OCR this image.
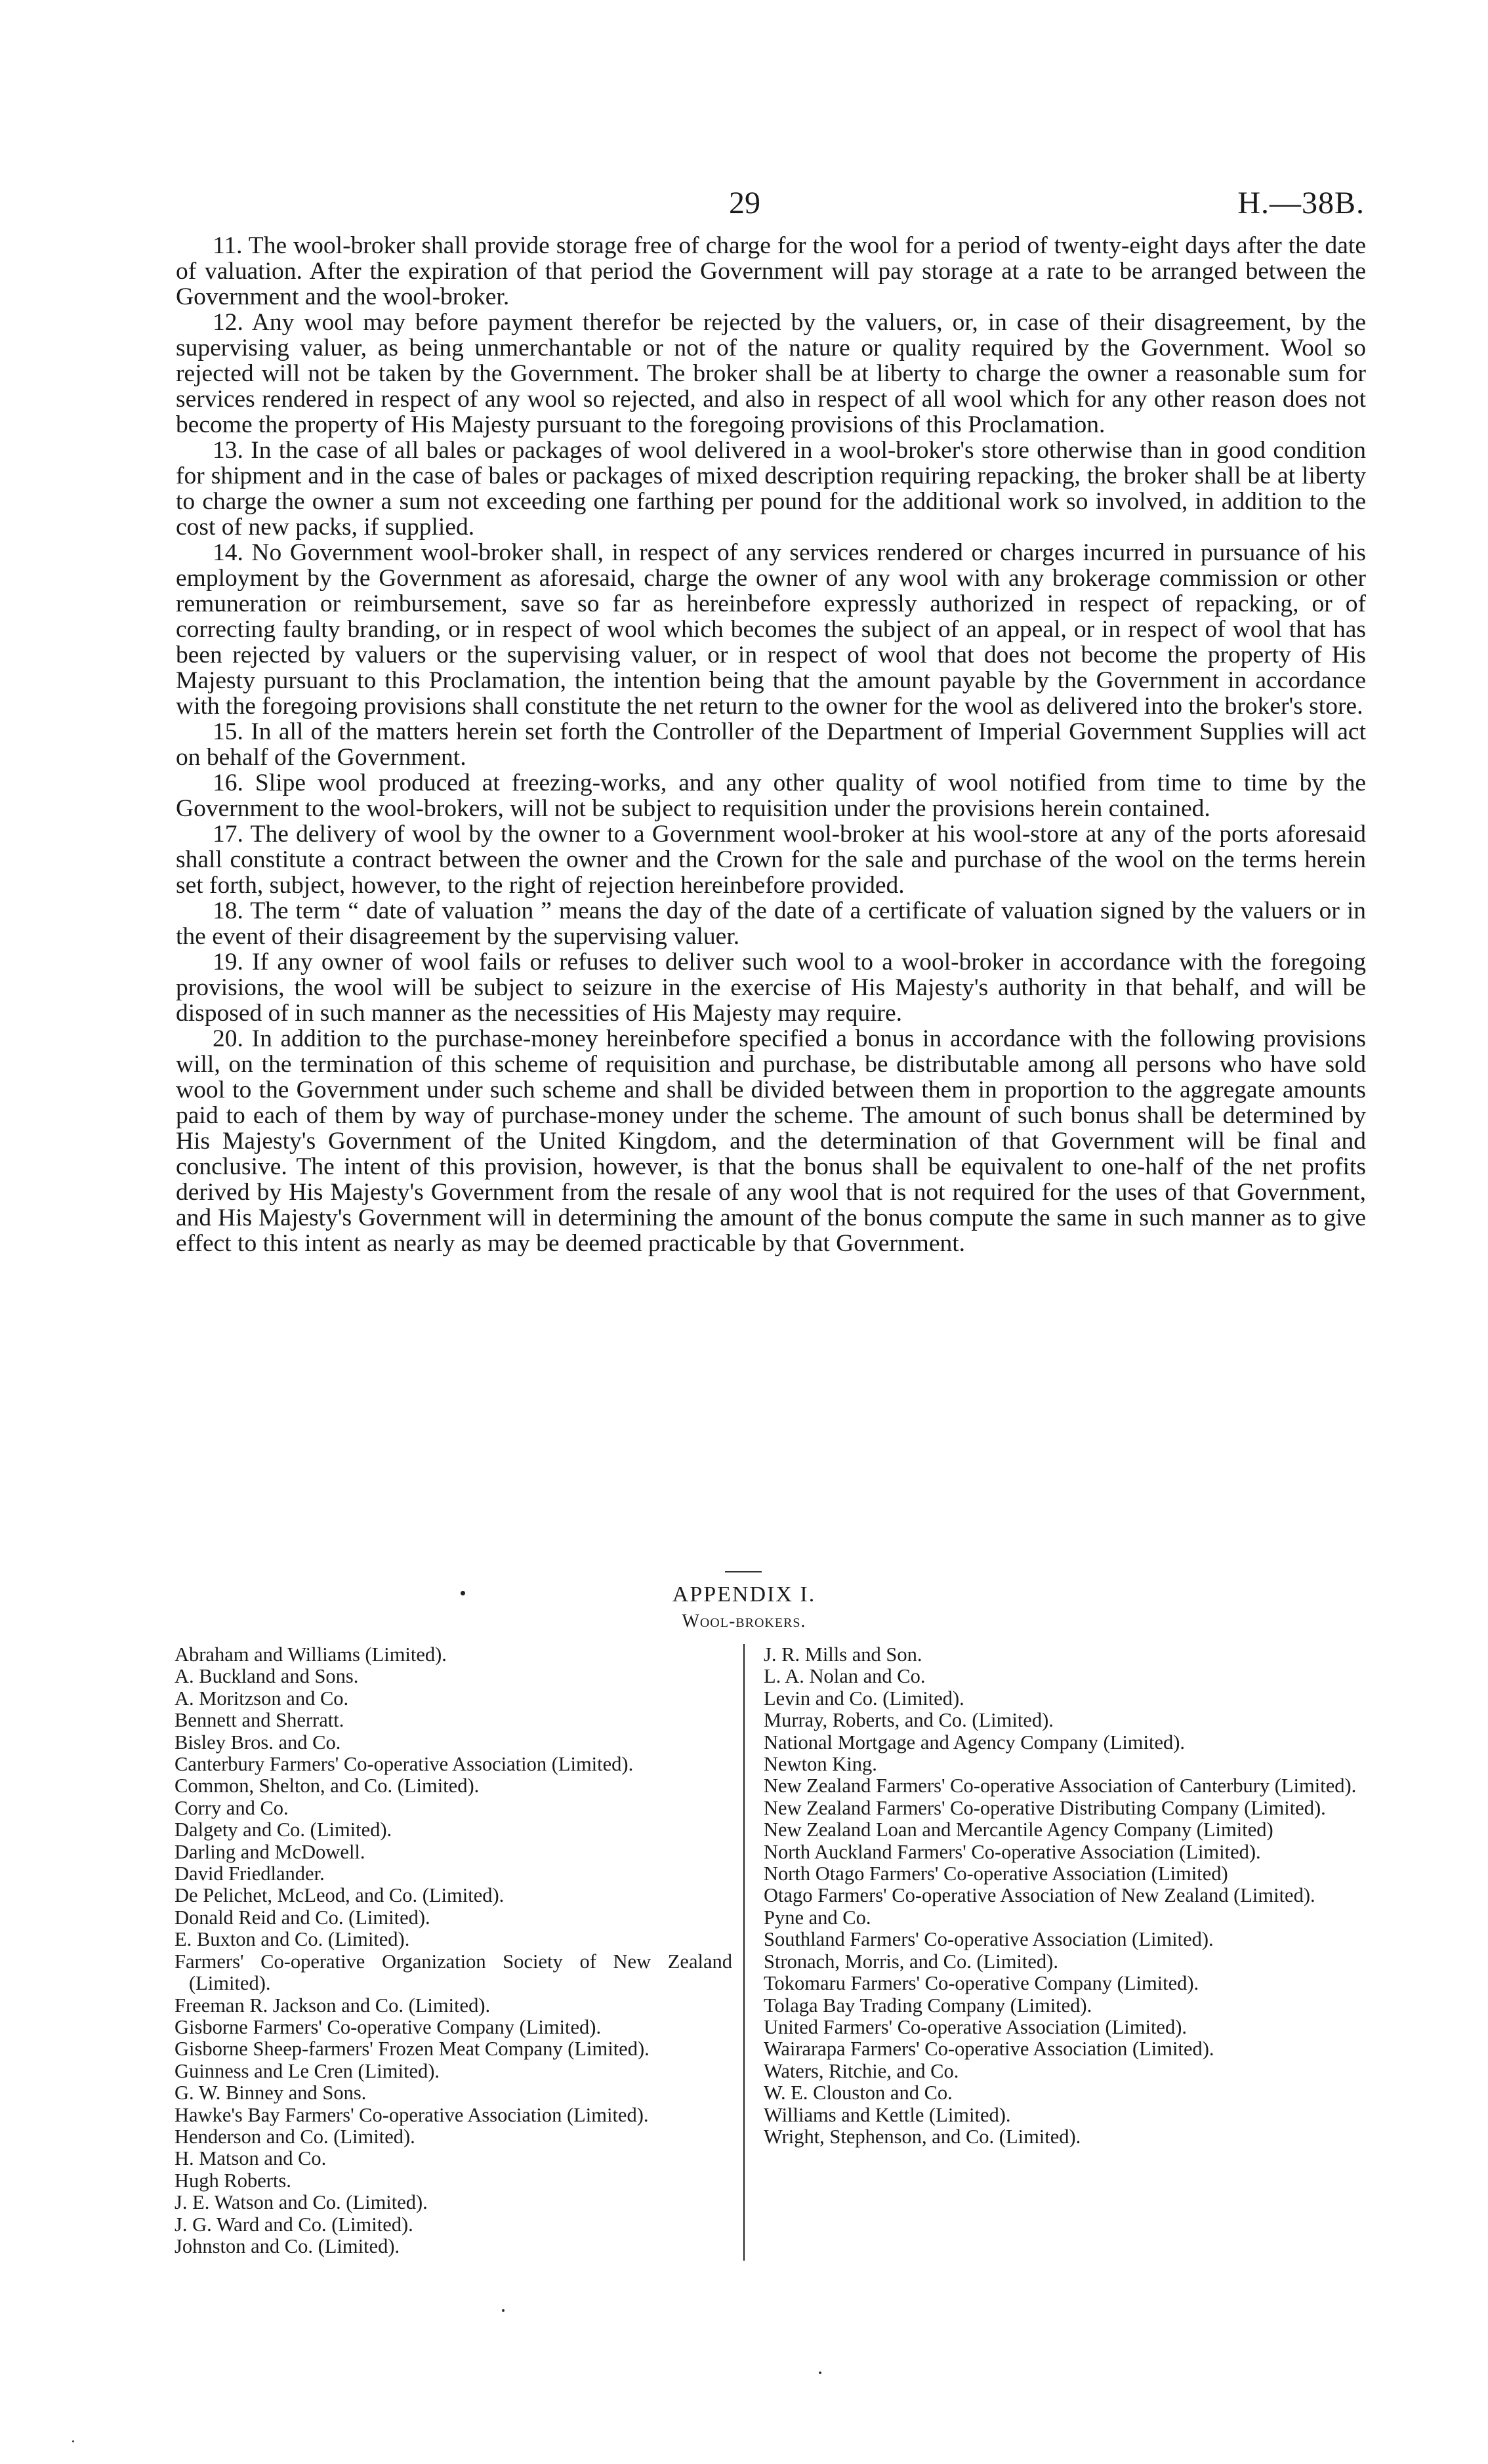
29	H.—38B.

11. The wool-broker shall provide storage free of charge for the wool for a period of twenty-eight days after the date of valuation. After the expiration of that period the Government will pay storage at a rate to be arranged between the Government and the wool-broker.

12. Any wool may before payment therefor be rejected by the valuers, or, in case of their disagreement, by the supervising valuer, as being unmerchantable or not of the nature or quality required by the Government. Wool so rejected will not be taken by the Government. The broker shall be at liberty to charge the owner a reasonable sum for services rendered in respect of any wool so rejected, and also in respect of all wool which for any other reason does not become the property of His Majesty pursuant to the foregoing provisions of this Proclamation.

13. In the case of all bales or packages of wool delivered in a wool-broker's store otherwise than in good condition for shipment and in the case of bales or packages of mixed description requiring repacking, the broker shall be at liberty to charge the owner a sum not exceeding one farthing per pound for the additional work so involved, in addition to the cost of new packs, if supplied.

14. No Government wool-broker shall, in respect of any services rendered or charges incurred in pursuance of his employment by the Government as aforesaid, charge the owner of any wool with any brokerage commission or other remuneration or reimbursement, save so far as hereinbefore expressly authorized in respect of repacking, or of correcting faulty branding, or in respect of wool which becomes the subject of an appeal, or in respect of wool that has been rejected by valuers or the supervising valuer, or in respect of wool that does not become the property of His Majesty pursuant to this Proclamation, the intention being that the amount payable by the Government in accordance with the foregoing provisions shall constitute the net return to the owner for the wool as delivered into the broker's store.

15. In all of the matters herein set forth the Controller of the Department of Imperial Government Supplies will act on behalf of the Government.

16. Slipe wool produced at freezing-works, and any other quality of wool notified from time to time by the Government to the wool-brokers, will not be subject to requisition under the provisions herein contained.

17. The delivery of wool by the owner to a Government wool-broker at his wool-store at any of the ports aforesaid shall constitute a contract between the owner and the Crown for the sale and purchase of the wool on the terms herein set forth, subject, however, to the right of rejection hereinbefore provided.

18. The term “ date of valuation ” means the day of the date of a certificate of valuation signed by the valuers or in the event of their disagreement by the supervising valuer.

19. If any owner of wool fails or refuses to deliver such wool to a wool-broker in accordance with the foregoing provisions, the wool will be subject to seizure in the exercise of His Majesty's authority in that behalf, and will be disposed of in such manner as the necessities of His Majesty may require.

20. In addition to the purchase-money hereinbefore specified a bonus in accordance with the following provisions will, on the termination of this scheme of requisition and purchase, be distributable among all persons who have sold wool to the Government under such scheme and shall be divided between them in proportion to the aggregate amounts paid to each of them by way of purchase-money under the scheme. The amount of such bonus shall be determined by His Majesty's Government of the United Kingdom, and the determination of that Government will be final and conclusive. The intent of this provision, however, is that the bonus shall be equivalent to one-half of the net profits derived by His Majesty's Government from the resale of any wool that is not required for the uses of that Government, and His Majesty's Government will in determining the amount of the bonus compute the same in such manner as to give effect to this intent as nearly as may be deemed practicable by that Government.

APPENDIX I.
Wool-brokers.
Abraham and Williams (Limited).
A. Buckland and Sons.
A. Moritzson and Co.
Bennett and Sherratt.
Bisley Bros. and Co.
Canterbury Farmers' Co-operative Association (Limited).
Common, Shelton, and Co. (Limited).
Corry and Co.
Dalgety and Co. (Limited).
Darling and McDowell.
David Friedlander.
De Pelichet, McLeod, and Co. (Limited).
Donald Reid and Co. (Limited).
E. Buxton and Co. (Limited).
Farmers' Co-operative Organization Society of New Zealand (Limited).
Freeman R. Jackson and Co. (Limited).
Gisborne Farmers' Co-operative Company (Limited).
Gisborne Sheep-farmers' Frozen Meat Company (Limited).
Guinness and Le Cren (Limited).
G. W. Binney and Sons.
Hawke's Bay Farmers' Co-operative Association (Limited).
Henderson and Co. (Limited).
H. Matson and Co.
Hugh Roberts.
J. E. Watson and Co. (Limited).
J. G. Ward and Co. (Limited).
Johnston and Co. (Limited).
J. R. Mills and Son.
L. A. Nolan and Co.
Levin and Co. (Limited).
Murray, Roberts, and Co. (Limited).
National Mortgage and Agency Company (Limited).
Newton King.
New Zealand Farmers' Co-operative Association of Canterbury (Limited).
New Zealand Farmers' Co-operative Distributing Company (Limited).
New Zealand Loan and Mercantile Agency Company (Limited)
North Auckland Farmers' Co-operative Association (Limited).
North Otago Farmers' Co-operative Association (Limited)
Otago Farmers' Co-operative Association of New Zealand (Limited).
Pyne and Co.
Southland Farmers' Co-operative Association (Limited).
Stronach, Morris, and Co. (Limited).
Tokomaru Farmers' Co-operative Company (Limited).
Tolaga Bay Trading Company (Limited).
United Farmers' Co-operative Association (Limited).
Wairarapa Farmers' Co-operative Association (Limited).
Waters, Ritchie, and Co.
W. E. Clouston and Co.
Williams and Kettle (Limited).
Wright, Stephenson, and Co. (Limited).
